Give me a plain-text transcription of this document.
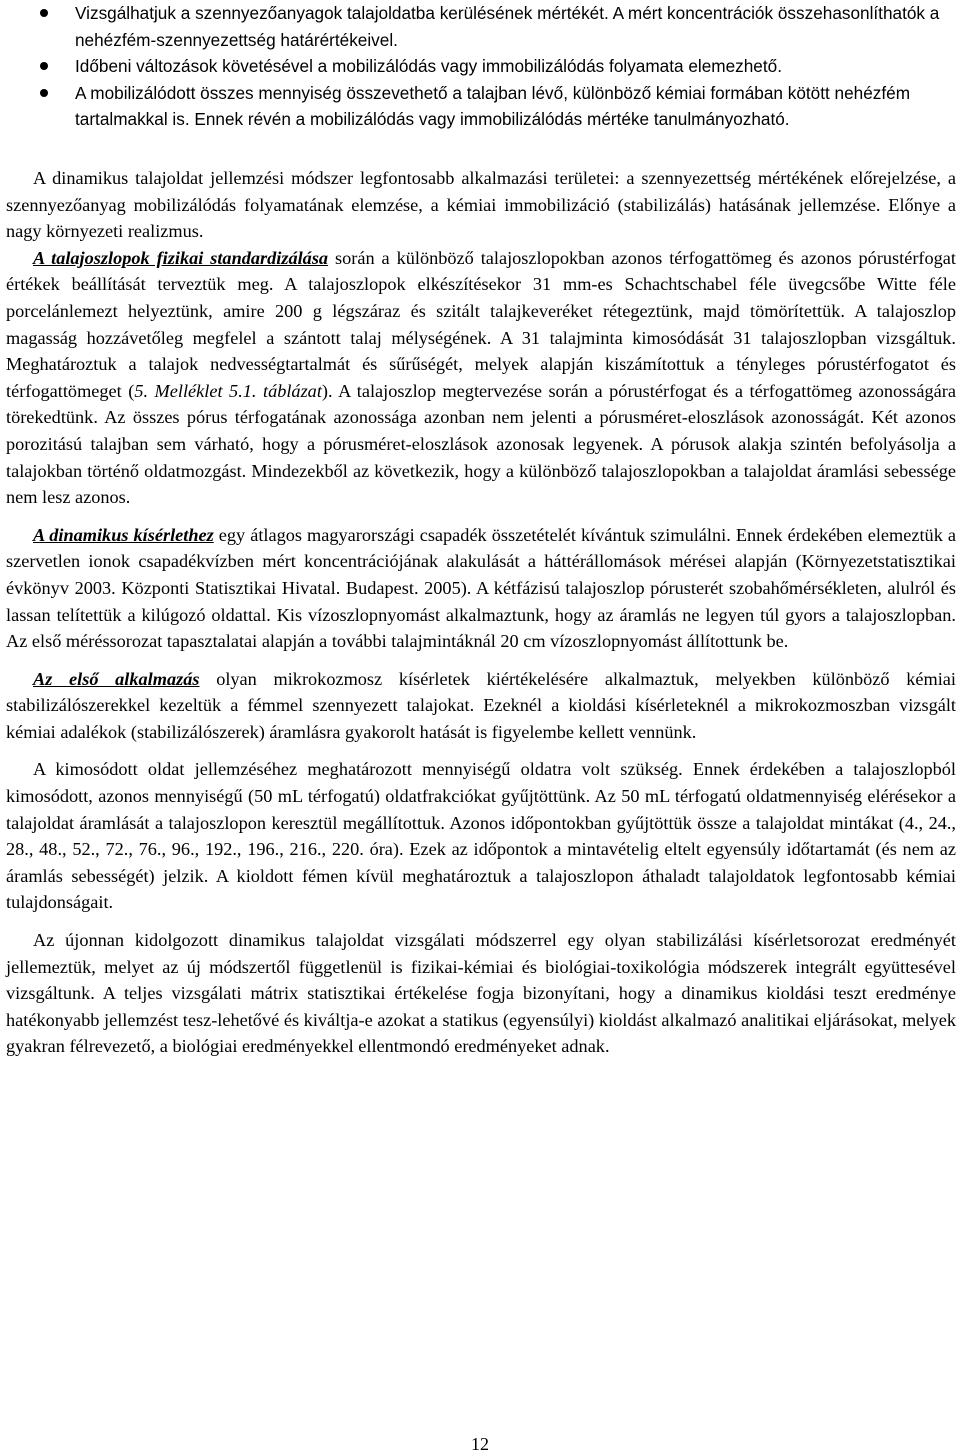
Vizsgálhatjuk a szennyezőanyagok talajoldatba kerülésének mértékét. A mért koncentrációk összehasonlíthatók a nehézfém-szennyezettség határértékeivel.
Időbeni változások követésével a mobilizálódás vagy immobilizálódás folyamata elemezhető.
A mobilizálódott összes mennyiség összevethető a talajban lévő, különböző kémiai formában kötött nehézfém tartalmakkal is. Ennek révén a mobilizálódás vagy immobilizálódás mértéke tanulmányozható.

A dinamikus talajoldat jellemzési módszer legfontosabb alkalmazási területei: a szennyezettség mértékének előrejelzése, a szennyezőanyag mobilizálódás folyamatának elemzése, a kémiai immobilizáció (stabilizálás) hatásának jellemzése. Előnye a nagy környezeti realizmus.

A talajoszlopok fizikai standardizálása során a különböző talajoszlopokban azonos térfogattömeg és azonos pórustérfogat értékek beállítását terveztük meg. A talajoszlopok elkészítésekor 31 mm-es Schachtschabel féle üvegcsőbe Witte féle porcelánlemezt helyeztünk, amire 200 g légszáraz és szitált talajkeveréket rétegeztünk, majd tömörítettük. A talajoszlop magasság hozzávetőleg megfelel a szántott talaj mélységének. A 31 talajminta kimosódását 31 talajoszlopban vizsgáltuk. Meghatároztuk a talajok nedvességtartalmát és sűrűségét, melyek alapján kiszámítottuk a tényleges pórustérfogatot és térfogattömeget (5. Melléklet 5.1. táblázat). A talajoszlop megtervezése során a pórustérfogat és a térfogattömeg azonosságára törekedtünk. Az összes pórus térfogatának azonossága azonban nem jelenti a pórusméret-eloszlások azonosságát. Két azonos porozitású talajban sem várható, hogy a pórusméret-eloszlások azonosak legyenek. A pórusok alakja szintén befolyásolja a talajokban történő oldatmozgást. Mindezekből az következik, hogy a különböző talajoszlopokban a talajoldat áramlási sebessége nem lesz azonos.

A dinamikus kísérlethez egy átlagos magyarországi csapadék összetételét kívántuk szimulálni. Ennek érdekében elemeztük a szervetlen ionok csapadékvízben mért koncentrációjának alakulását a háttérállomások mérései alapján (Környezetstatisztikai évkönyv 2003. Központi Statisztikai Hivatal. Budapest. 2005). A kétfázisú talajoszlop pórusterét szobahőmérsékleten, alulról és lassan telítettük a kilúgozó oldattal. Kis vízoszlopnyomást alkalmaztunk, hogy az áramlás ne legyen túl gyors a talajoszlopban. Az első méréssorozat tapasztalatai alapján a további talajmintáknál 20 cm vízoszlopnyomást állítottunk be.

Az első alkalmazás olyan mikrokozmosz kísérletek kiértékelésére alkalmaztuk, melyekben különböző kémiai stabilizálószerekkel kezeltük a fémmel szennyezett talajokat. Ezeknél a kioldási kísérleteknél a mikrokozmoszban vizsgált kémiai adalékok (stabilizálószerek) áramlásra gyakorolt hatását is figyelembe kellett vennünk.

A kimosódott oldat jellemzéséhez meghatározott mennyiségű oldatra volt szükség. Ennek érdekében a talajoszlopból kimosódott, azonos mennyiségű (50 mL térfogatú) oldatfrakciókat gyűjtöttünk. Az 50 mL térfogatú oldatmennyiség elérésekor a talajoldat áramlását a talajoszlopon keresztül megállítottuk. Azonos időpontokban gyűjtöttük össze a talajoldat mintákat (4., 24., 28., 48., 52., 72., 76., 96., 192., 196., 216., 220. óra). Ezek az időpontok a mintavételig eltelt egyensúly időtartamát (és nem az áramlás sebességét) jelzik. A kioldott fémen kívül meghatároztuk a talajoszlopon áthaladt talajoldatok legfontosabb kémiai tulajdonságait.

Az újonnan kidolgozott dinamikus talajoldat vizsgálati módszerrel egy olyan stabilizálási kísérletsorozat eredményét jellemeztük, melyet az új módszertől függetlenül is fizikai-kémiai és biológiai-toxikológia módszerek integrált együttesével vizsgáltunk. A teljes vizsgálati mátrix statisztikai értékelése fogja bizonyítani, hogy a dinamikus kioldási teszt eredménye hatékonyabb jellemzést tesz-lehetővé és kiváltja-e azokat a statikus (egyensúlyi) kioldást alkalmazó analitikai eljárásokat, melyek gyakran félrevezető, a biológiai eredményekkel ellentmondó eredményeket adnak.

12
